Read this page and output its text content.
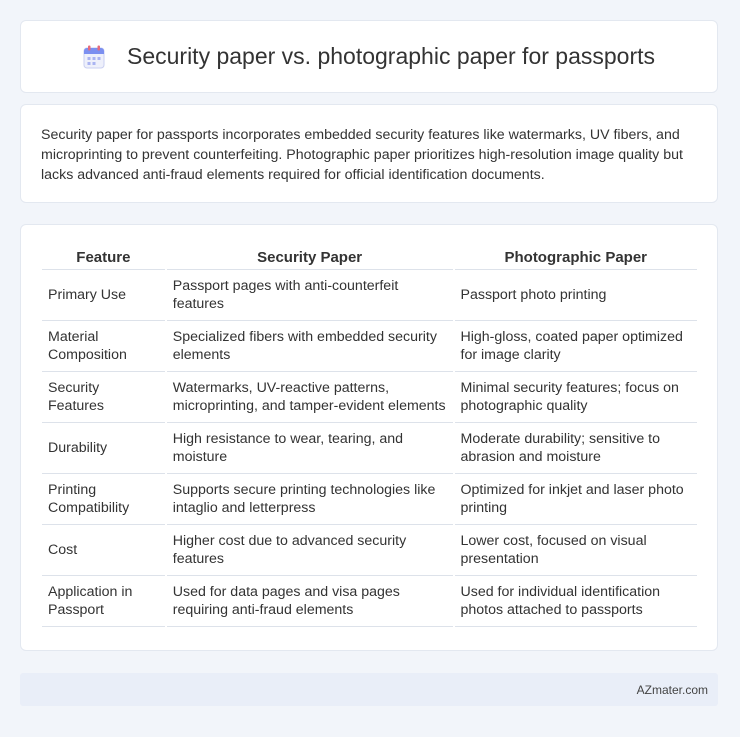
Security paper vs. photographic paper for passports

Security paper for passports incorporates embedded security features like watermarks, UV fibers, and microprinting to prevent counterfeiting. Photographic paper prioritizes high-resolution image quality but lacks advanced anti-fraud elements required for official identification documents.

Feature	Security Paper	Photographic Paper
Primary Use	Passport pages with anti-counterfeit features	Passport photo printing
Material Composition	Specialized fibers with embedded security elements	High-gloss, coated paper optimized for image clarity
Security Features	Watermarks, UV-reactive patterns, microprinting, and tamper-evident elements	Minimal security features; focus on photographic quality
Durability	High resistance to wear, tearing, and moisture	Moderate durability; sensitive to abrasion and moisture
Printing Compatibility	Supports secure printing technologies like intaglio and letterpress	Optimized for inkjet and laser photo printing
Cost	Higher cost due to advanced security features	Lower cost, focused on visual presentation
Application in Passport	Used for data pages and visa pages requiring anti-fraud elements	Used for individual identification photos attached to passports
AZmater.com
